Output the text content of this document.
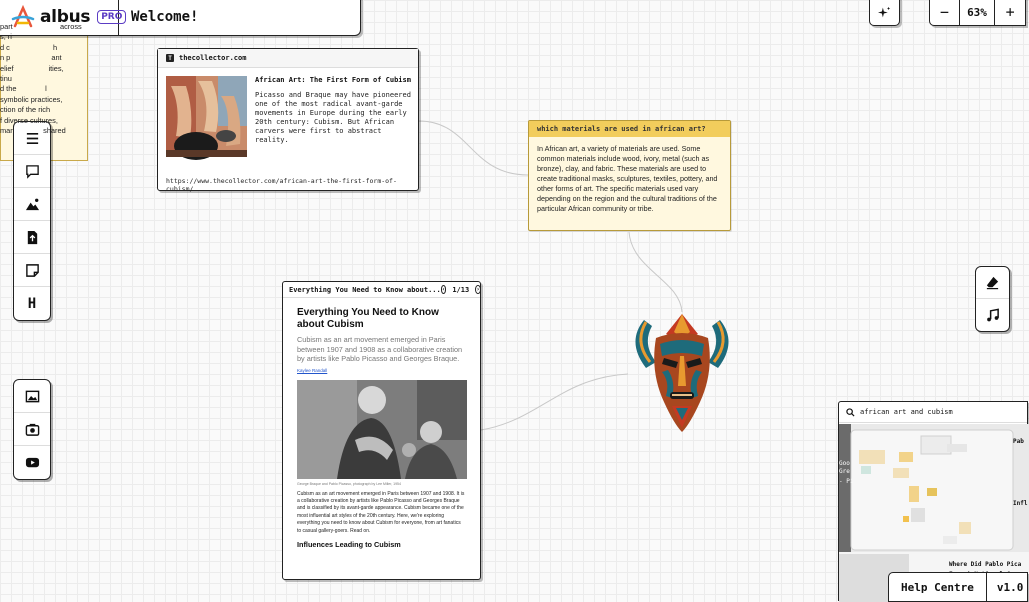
albus	PRO Welcome!	−	63%	+
H
part                       across
s, ri
d c                     h
n p                    ant
elief                 ities,
tinu
d the              l
symbolic practices,
ction of the rich
f diverse cultures,
man              shared
T	thecollector.com
African Art: The First Form of Cubism
Picasso and Braque may have pioneered one of the most radical avant-garde movements in Europe during the early 20th century: Cubism. But African carvers were first to abstract reality.
https://www.thecollector.com/african-art-the-first-form-of-cubism/
which materials are used in african art?
In African art, a variety of materials are used. Some common materials include wood, ivory, metal (such as bronze), clay, and fabric. These materials are used to create traditional masks, sculptures, textiles, pottery, and other forms of art. The specific materials used vary depending on the region and the cultural traditions of the particular African community or tribe.
Everything You Need to Know about... ‹ 1/13 ›
Everything You Need to Know about Cubism
Cubism as an art movement emerged in Paris between 1907 and 1908 as a collaborative creation by artists like Pablo Picasso and Georges Braque.
Kaylee Randall
George Braque and Pablo Picasso, photograph by Lee Miller, 1954
Cubism as an art movement emerged in Paris between 1907 and 1908. It is a collaborative creation by artists like Pablo Picasso and Georges Braque and is classified by its avant-garde appearance. Cubism became one of the most influential art styles of the 20th century. Here, we're exploring everything you need to know about Cubism for everyone, from art fanatics to casual gallery-goers. Read on.
Influences Leading to Cubism
african art and cubism
Pab
Goo
Gre
- Pi
Infl
Where Did Pablo Pica
Help Centre	v1.0
